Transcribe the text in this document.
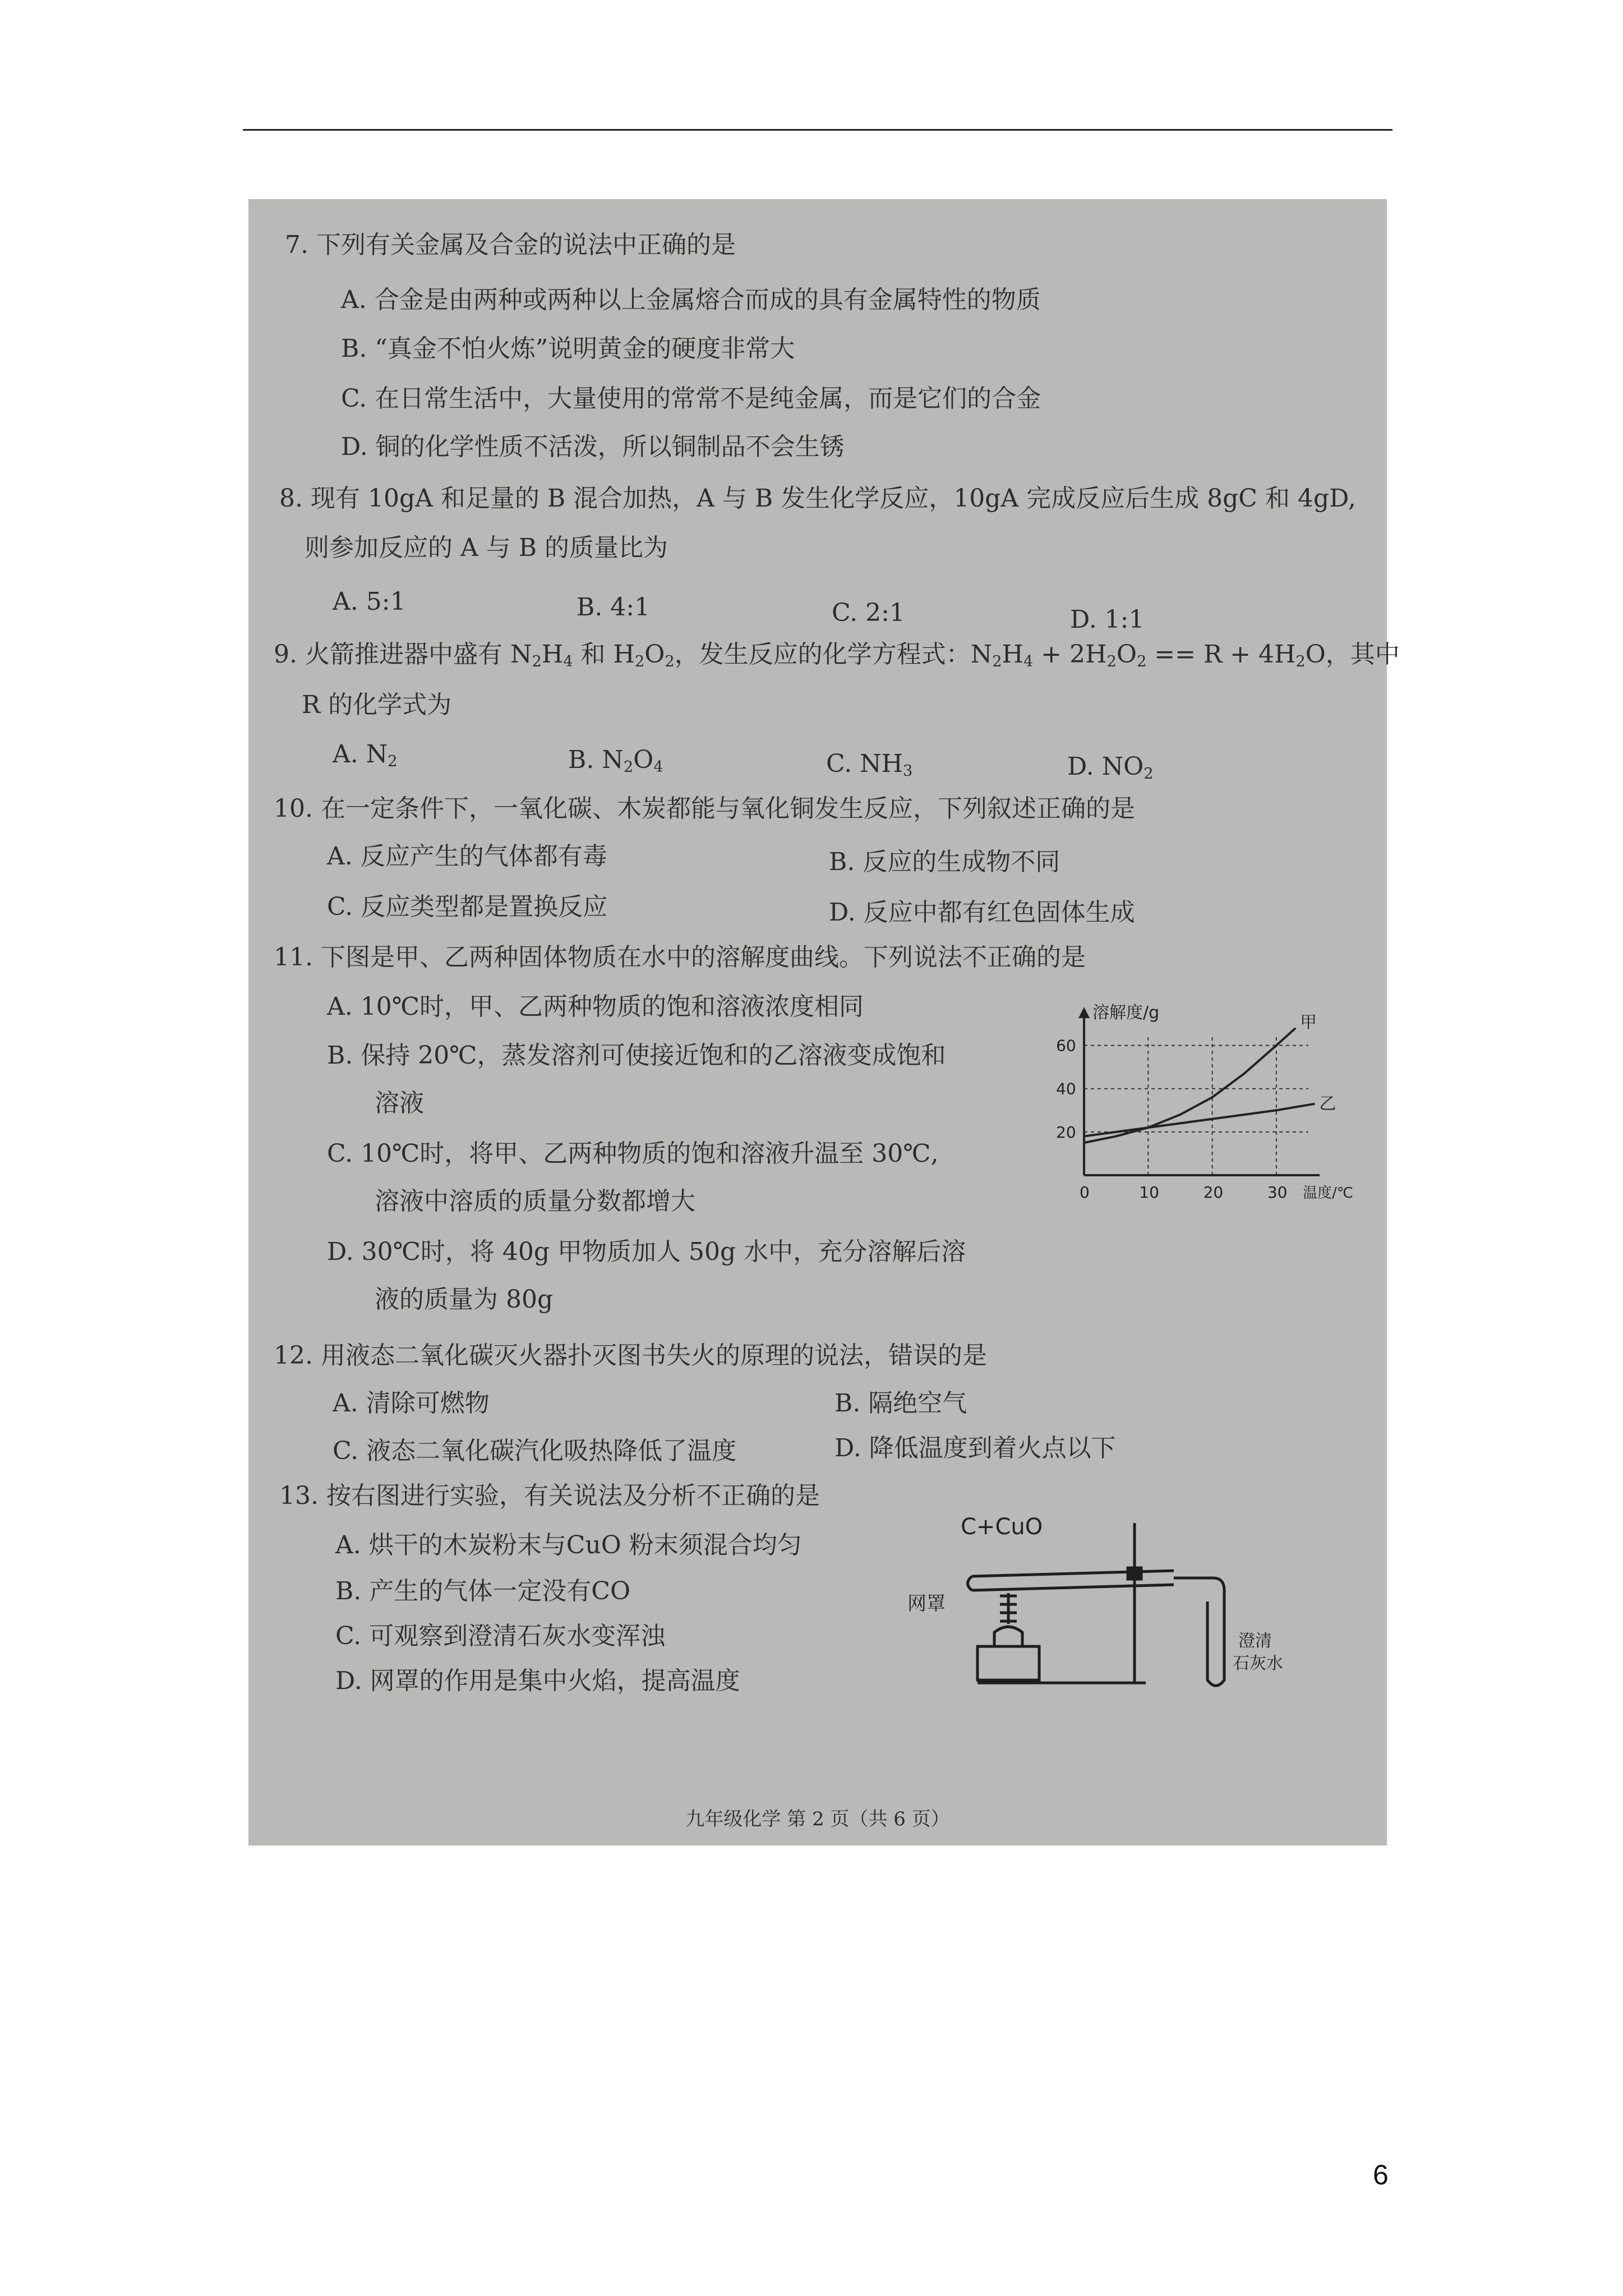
7. 下列有关金属及合金的说法中正确的是
A. 合金是由两种或两种以上金属熔合而成的具有金属特性的物质
B. “真金不怕火炼”说明黄金的硬度非常大
C. 在日常生活中，大量使用的常常不是纯金属，而是它们的合金
D. 铜的化学性质不活泼，所以铜制品不会生锈
8. 现有 10gA 和足量的 B 混合加热，A 与 B 发生化学反应，10gA 完成反应后生成 8gC 和 4gD,
则参加反应的 A 与 B 的质量比为
A. 5:1	B. 4:1	C. 2:1	D. 1:1
9. 火箭推进器中盛有 $N_2H_4$ 和 $H_2O_2$，发生反应的化学方程式：$N_2H_4 + 2H_2O_2 == R + 4H_2O$，其中
R 的化学式为
A. $N_2$	B. $N_2O_4$	C. $NH_3$	D. $NO_2$
10. 在一定条件下，一氧化碳、木炭都能与氧化铜发生反应，下列叙述正确的是
A. 反应产生的气体都有毒	B. 反应的生成物不同
C. 反应类型都是置换反应	D. 反应中都有红色固体生成
11. 下图是甲、乙两种固体物质在水中的溶解度曲线。下列说法不正确的是
A. 10℃时，甲、乙两种物质的饱和溶液浓度相同
B. 保持 20℃，蒸发溶剂可使接近饱和的乙溶液变成饱和
溶液
C. 10℃时，将甲、乙两种物质的饱和溶液升温至 30℃,
溶液中溶质的质量分数都增大
D. 30℃时，将 40g 甲物质加人 50g 水中，充分溶解后溶
液的质量为 80g
溶解度/g
温度/℃
0	10	20	30
20
40
60
甲
乙
12. 用液态二氧化碳灭火器扑灭图书失火的原理的说法，错误的是
A. 清除可燃物	B. 隔绝空气
C. 液态二氧化碳汽化吸热降低了温度	D. 降低温度到着火点以下
13. 按右图进行实验，有关说法及分析不正确的是
A. 烘干的木炭粉末与CuO 粉末须混合均匀
B. 产生的气体一定没有CO
C. 可观察到澄清石灰水变浑浊
D. 网罩的作用是集中火焰，提高温度
C+CuO
网罩
澄清
石灰水
九年级化学 第 2 页（共 6 页）
6
